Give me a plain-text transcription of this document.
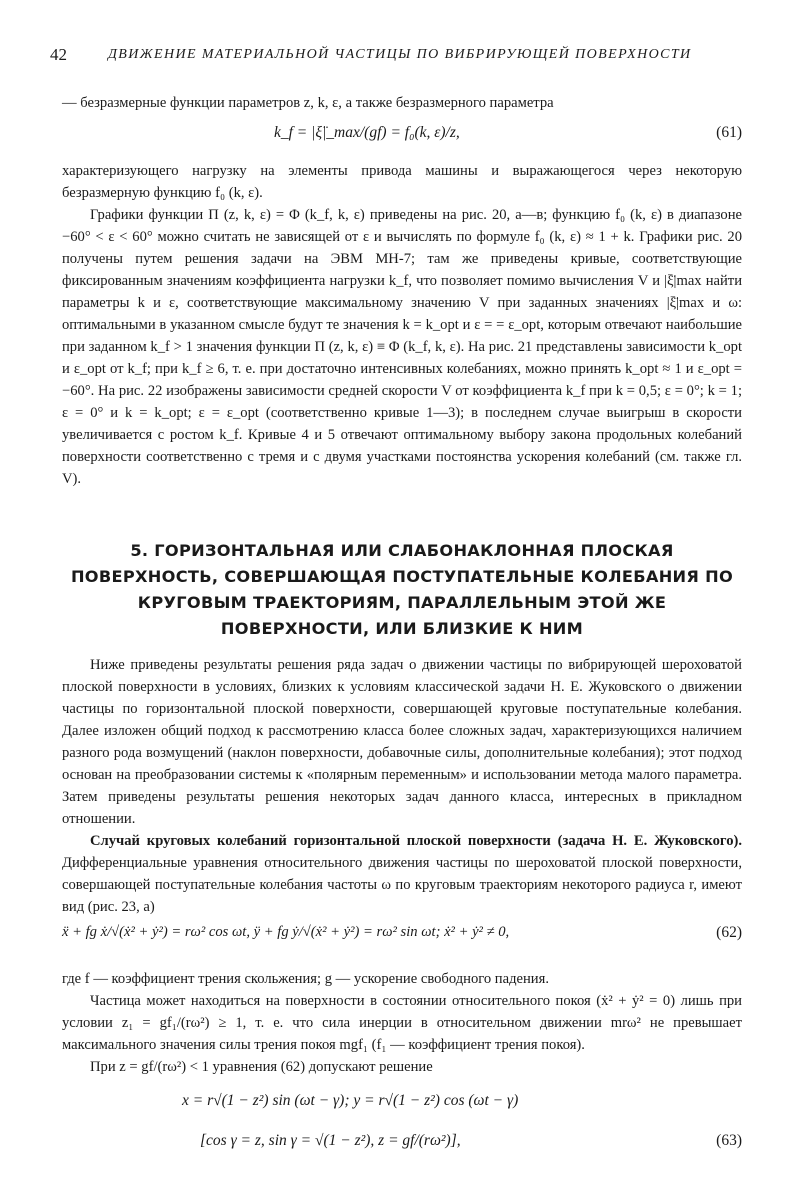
42	ДВИЖЕНИЕ МАТЕРИАЛЬНОЙ ЧАСТИЦЫ ПО ВИБРИРУЮЩЕЙ ПОВЕРХНОСТИ

— безразмерные функции параметров z, k, ε, а также безразмерного параметра

k_f = |ξ̈|_max/(gf) = f₀(k, ε)/z,	(61)

характеризующего нагрузку на элементы привода машины и выражающегося через некоторую безразмерную функцию f₀ (k, ε).

Графики функции П (z, k, ε) = Φ (k_f, k, ε) приведены на рис. 20, а—в; функцию f₀ (k, ε) в диапазоне −60° < ε < 60° можно считать не зависящей от ε и вычислять по формуле f₀ (k, ε) ≈ 1 + k. Графики рис. 20 получены путем решения задачи на ЭВМ МН-7; там же приведены кривые, соответствующие фиксированным значениям коэффициента нагрузки k_f, что позволяет помимо вычисления V и |ξ̈|max найти параметры k и ε, соответствующие максимальному значению V при заданных значениях |ξ̈|max и ω: оптимальными в указанном смысле будут те значения k = k_opt и ε = = ε_opt, которым отвечают наибольшие при заданном k_f > 1 значения функции П (z, k, ε) ≡ Φ (k_f, k, ε). На рис. 21 представлены зависимости k_opt и ε_opt от k_f; при k_f ≥ 6, т. е. при достаточно интенсивных колебаниях, можно принять k_opt ≈ 1 и ε_opt = −60°. На рис. 22 изображены зависимости средней скорости V от коэффициента k_f при k = 0,5; ε = 0°; k = 1; ε = 0° и k = k_opt; ε = ε_opt (соответственно кривые 1—3); в последнем случае выигрыш в скорости увеличивается с ростом k_f. Кривые 4 и 5 отвечают оптимальному выбору закона продольных колебаний поверхности соответственно с тремя и с двумя участками постоянства ускорения колебаний (см. также гл. V).

5. ГОРИЗОНТАЛЬНАЯ ИЛИ СЛАБОНАКЛОННАЯ ПЛОСКАЯ ПОВЕРХНОСТЬ, СОВЕРШАЮЩАЯ ПОСТУПАТЕЛЬНЫЕ КОЛЕБАНИЯ ПО КРУГОВЫМ ТРАЕКТОРИЯМ, ПАРАЛЛЕЛЬНЫМ ЭТОЙ ЖЕ ПОВЕРХНОСТИ, ИЛИ БЛИЗКИЕ К НИМ

Ниже приведены результаты решения ряда задач о движении частицы по вибрирующей шероховатой плоской поверхности в условиях, близких к условиям классической задачи Н. Е. Жуковского о движении частицы по горизонтальной плоской поверхности, совершающей круговые поступательные колебания. Далее изложен общий подход к рассмотрению класса более сложных задач, характеризующихся наличием разного рода возмущений (наклон поверхности, добавочные силы, дополнительные колебания); этот подход основан на преобразовании системы к «полярным переменным» и использовании метода малого параметра. Затем приведены результаты решения некоторых задач данного класса, интересных в прикладном отношении.

Случай круговых колебаний горизонтальной плоской поверхности (задача Н. Е. Жуковского). Дифференциальные уравнения относительного движения частицы по шероховатой плоской поверхности, совершающей поступательные колебания частоты ω по круговым траекториям некоторого радиуса r, имеют вид (рис. 23, а)

ẍ + fg ẋ/√(ẋ² + ẏ²) = rω² cos ωt, ÿ + fg ẏ/√(ẋ² + ẏ²) = rω² sin ωt; ẋ² + ẏ² ≠ 0,	(62)

где f — коэффициент трения скольжения; g — ускорение свободного падения.

Частица может находиться на поверхности в состоянии относительного покоя (ẋ² + ẏ² = 0) лишь при условии z₁ = gf₁/(rω²) ≥ 1, т. е. что сила инерции в относительном движении mrω² не превышает максимального значения силы трения покоя mgf₁ (f₁ — коэффициент трения покоя).

При z = gf/(rω²) < 1 уравнения (62) допускают решение

x = r√(1 − z²) sin (ωt − γ); y = r√(1 − z²) cos (ωt − γ)
[cos γ = z, sin γ = √(1 − z²), z = gf/(rω²)],	(63)
